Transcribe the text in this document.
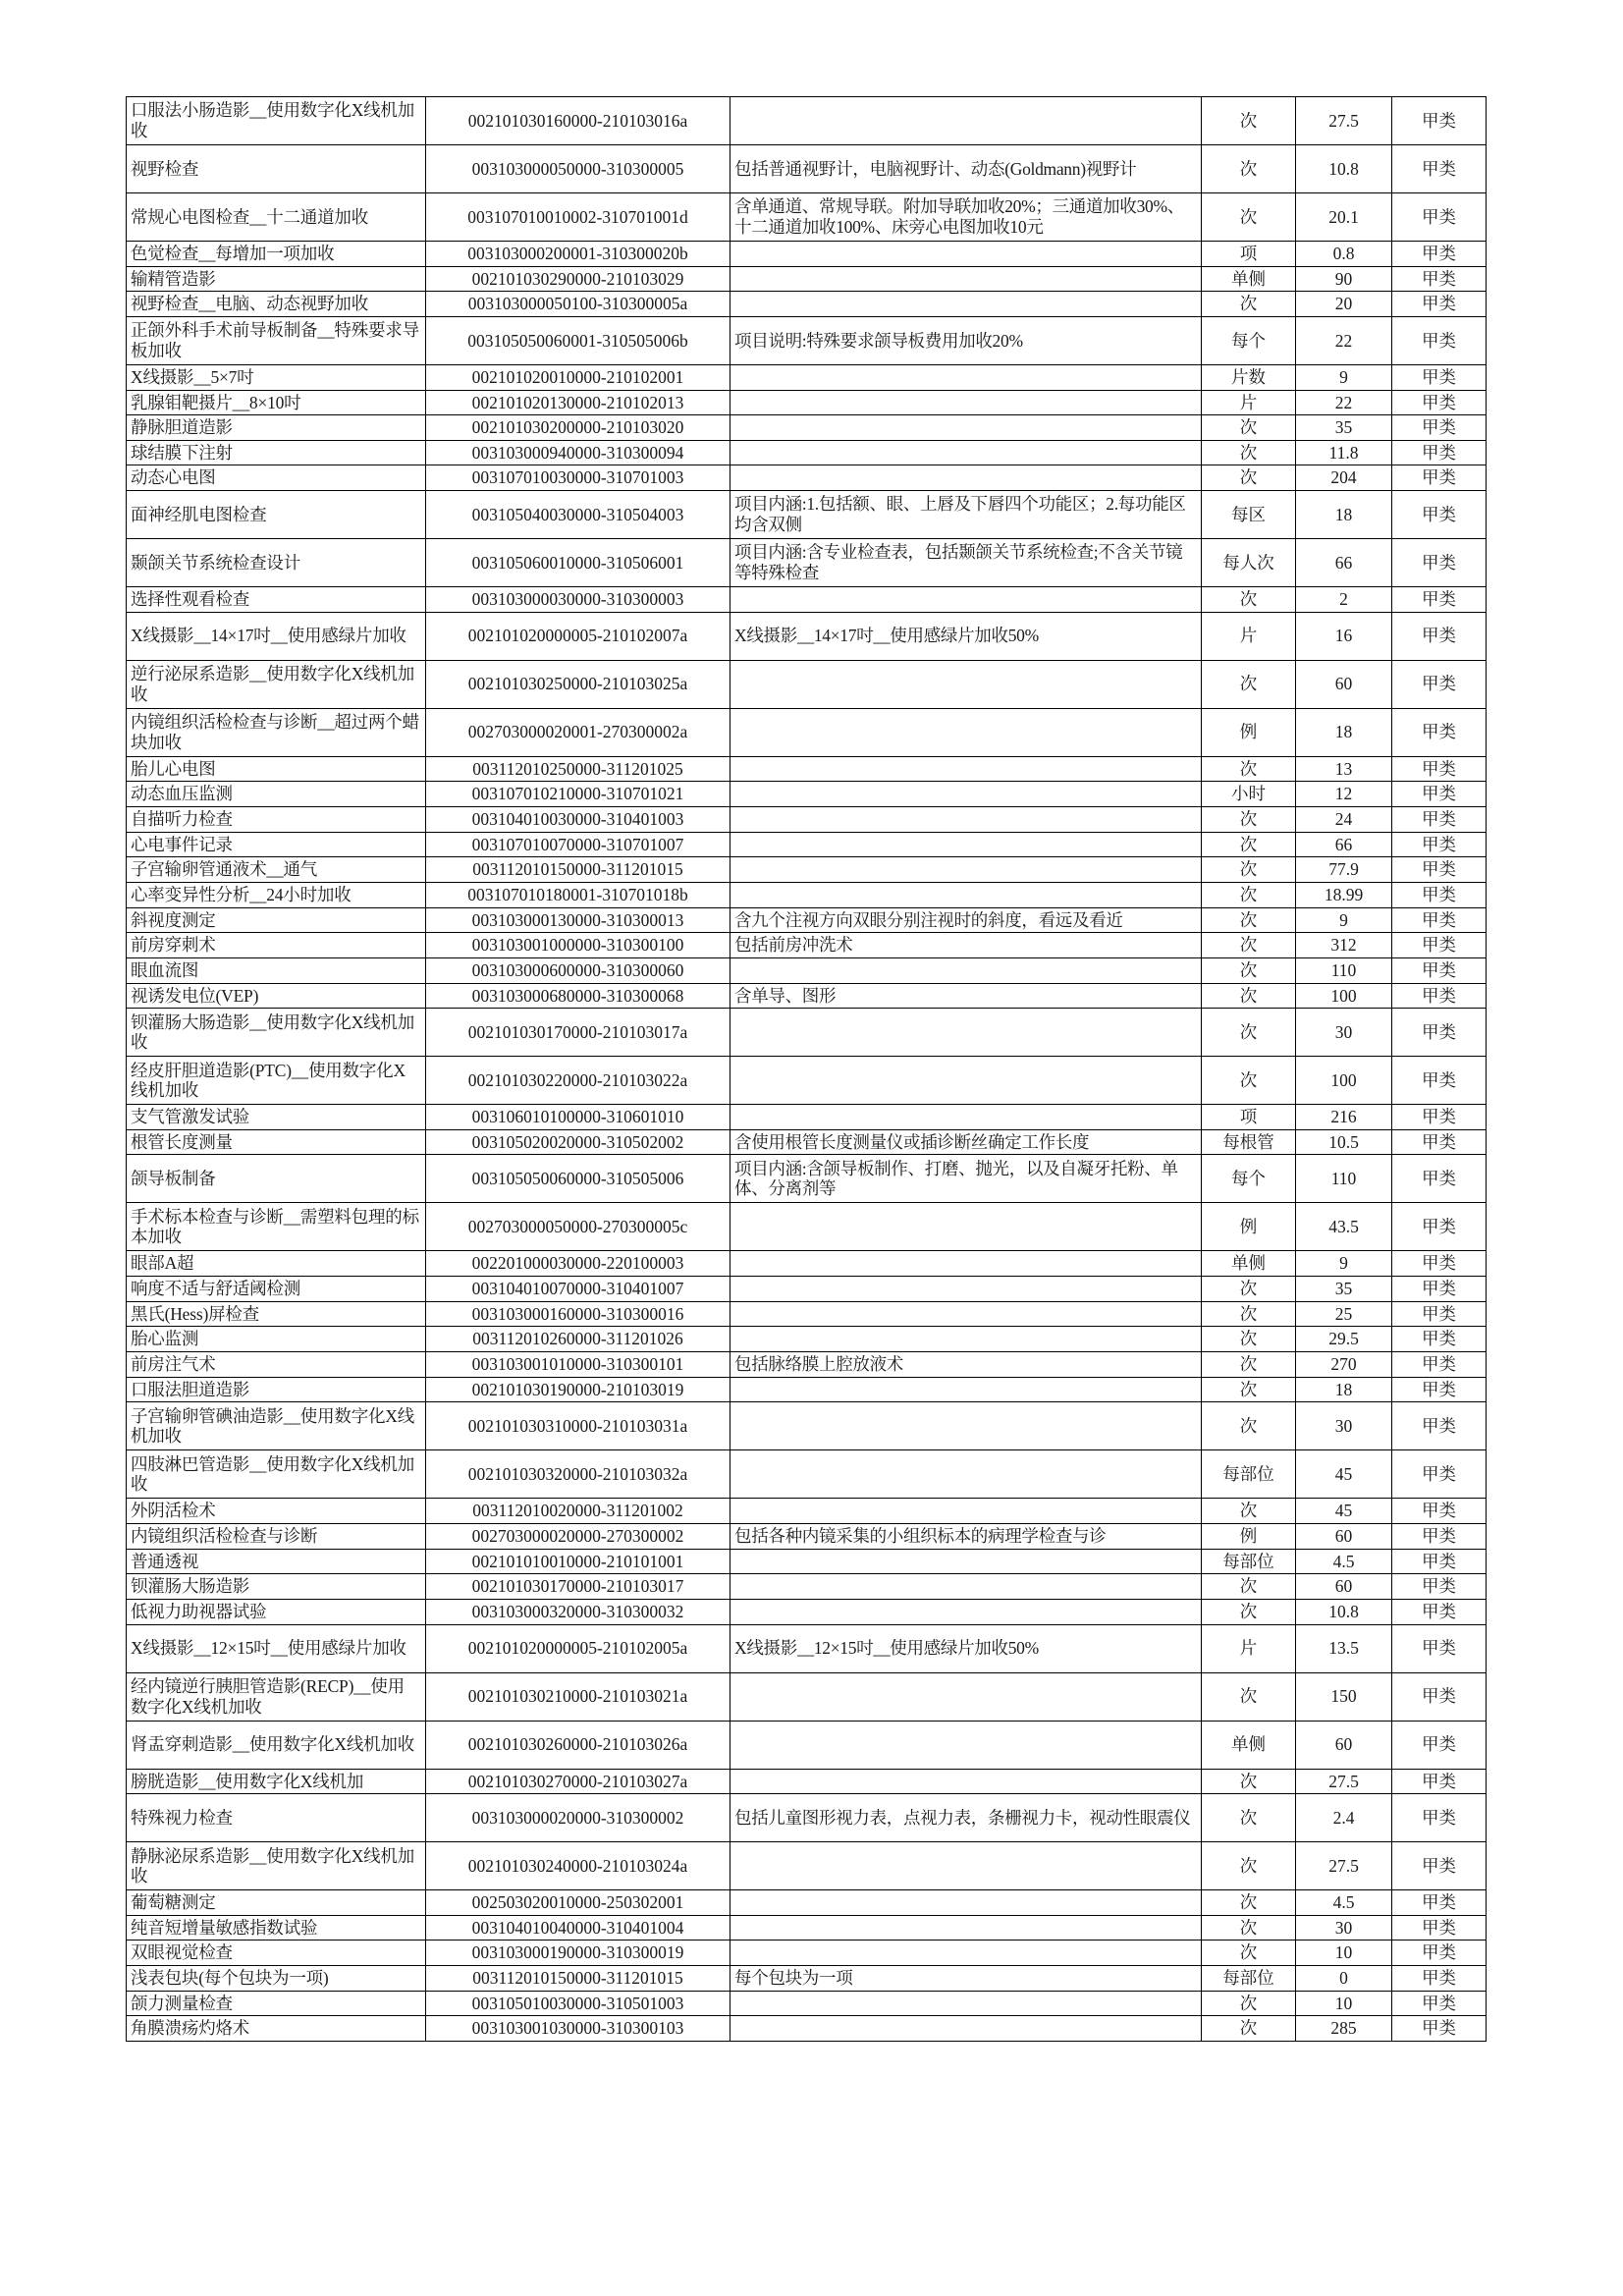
口服法小肠造影__使用数字化X线机加收	002101030160000-210103016a		次	27.5	甲类
视野检查	003103000050000-310300005	包括普通视野计，电脑视野计、动态(Goldmann)视野计	次	10.8	甲类
常规心电图检查__十二通道加收	003107010010002-310701001d	含单通道、常规导联。附加导联加收20%；三通道加收30%、十二通道加收100%、床旁心电图加收10元	次	20.1	甲类
色觉检查__每增加一项加收	003103000200001-310300020b		项	0.8	甲类
输精管造影	002101030290000-210103029		单侧	90	甲类
视野检查__电脑、动态视野加收	003103000050100-310300005a		次	20	甲类
正颌外科手术前导板制备__特殊要求导板加收	003105050060001-310505006b	项目说明:特殊要求颌导板费用加收20%	每个	22	甲类
X线摄影__5×7吋	002101020010000-210102001		片数	9	甲类
乳腺钼靶摄片__8×10吋	002101020130000-210102013		片	22	甲类
静脉胆道造影	002101030200000-210103020		次	35	甲类
球结膜下注射	003103000940000-310300094		次	11.8	甲类
动态心电图	003107010030000-310701003		次	204	甲类
面神经肌电图检查	003105040030000-310504003	项目内涵:1.包括额、眼、上唇及下唇四个功能区；2.每功能区均含双侧	每区	18	甲类
颞颌关节系统检查设计	003105060010000-310506001	项目内涵:含专业检查表，包括颞颌关节系统检查;不含关节镜等特殊检查	每人次	66	甲类
选择性观看检查	003103000030000-310300003		次	2	甲类
X线摄影__14×17吋__使用感绿片加收	002101020000005-210102007a	X线摄影__14×17吋__使用感绿片加收50%	片	16	甲类
逆行泌尿系造影__使用数字化X线机加收	002101030250000-210103025a		次	60	甲类
内镜组织活检检查与诊断__超过两个蜡块加收	002703000020001-270300002a		例	18	甲类
胎儿心电图	003112010250000-311201025		次	13	甲类
动态血压监测	003107010210000-310701021		小时	12	甲类
自描听力检查	003104010030000-310401003		次	24	甲类
心电事件记录	003107010070000-310701007		次	66	甲类
子宫输卵管通液术__通气	003112010150000-311201015		次	77.9	甲类
心率变异性分析__24小时加收	003107010180001-310701018b		次	18.99	甲类
斜视度测定	003103000130000-310300013	含九个注视方向双眼分别注视时的斜度，看远及看近	次	9	甲类
前房穿刺术	003103001000000-310300100	包括前房冲洗术	次	312	甲类
眼血流图	003103000600000-310300060		次	110	甲类
视诱发电位(VEP)	003103000680000-310300068	含单导、图形	次	100	甲类
钡灌肠大肠造影__使用数字化X线机加收	002101030170000-210103017a		次	30	甲类
经皮肝胆道造影(PTC)__使用数字化X线机加收	002101030220000-210103022a		次	100	甲类
支气管激发试验	003106010100000-310601010		项	216	甲类
根管长度测量	003105020020000-310502002	含使用根管长度测量仪或插诊断丝确定工作长度	每根管	10.5	甲类
颌导板制备	003105050060000-310505006	项目内涵:含颌导板制作、打磨、抛光，以及自凝牙托粉、单体、分离剂等	每个	110	甲类
手术标本检查与诊断__需塑料包理的标本加收	002703000050000-270300005c		例	43.5	甲类
眼部A超	002201000030000-220100003		单侧	9	甲类
响度不适与舒适阈检测	003104010070000-310401007		次	35	甲类
黑氏(Hess)屏检查	003103000160000-310300016		次	25	甲类
胎心监测	003112010260000-311201026		次	29.5	甲类
前房注气术	003103001010000-310300101	包括脉络膜上腔放液术	次	270	甲类
口服法胆道造影	002101030190000-210103019		次	18	甲类
子宫输卵管碘油造影__使用数字化X线机加收	002101030310000-210103031a		次	30	甲类
四肢淋巴管造影__使用数字化X线机加收	002101030320000-210103032a		每部位	45	甲类
外阴活检术	003112010020000-311201002		次	45	甲类
内镜组织活检检查与诊断	002703000020000-270300002	包括各种内镜采集的小组织标本的病理学检查与诊	例	60	甲类
普通透视	002101010010000-210101001		每部位	4.5	甲类
钡灌肠大肠造影	002101030170000-210103017		次	60	甲类
低视力助视器试验	003103000320000-310300032		次	10.8	甲类
X线摄影__12×15吋__使用感绿片加收	002101020000005-210102005a	X线摄影__12×15吋__使用感绿片加收50%	片	13.5	甲类
经内镜逆行胰胆管造影(RECP)__使用数字化X线机加收	002101030210000-210103021a		次	150	甲类
肾盂穿刺造影__使用数字化X线机加收	002101030260000-210103026a		单侧	60	甲类
膀胱造影__使用数字化X线机加	002101030270000-210103027a		次	27.5	甲类
特殊视力检查	003103000020000-310300002	包括儿童图形视力表，点视力表，条栅视力卡，视动性眼震仪	次	2.4	甲类
静脉泌尿系造影__使用数字化X线机加收	002101030240000-210103024a		次	27.5	甲类
葡萄糖测定	002503020010000-250302001		次	4.5	甲类
纯音短增量敏感指数试验	003104010040000-310401004		次	30	甲类
双眼视觉检查	003103000190000-310300019		次	10	甲类
浅表包块(每个包块为一项)	003112010150000-311201015	每个包块为一项	每部位	0	甲类
颌力测量检查	003105010030000-310501003		次	10	甲类
角膜溃疡灼烙术	003103001030000-310300103		次	285	甲类
